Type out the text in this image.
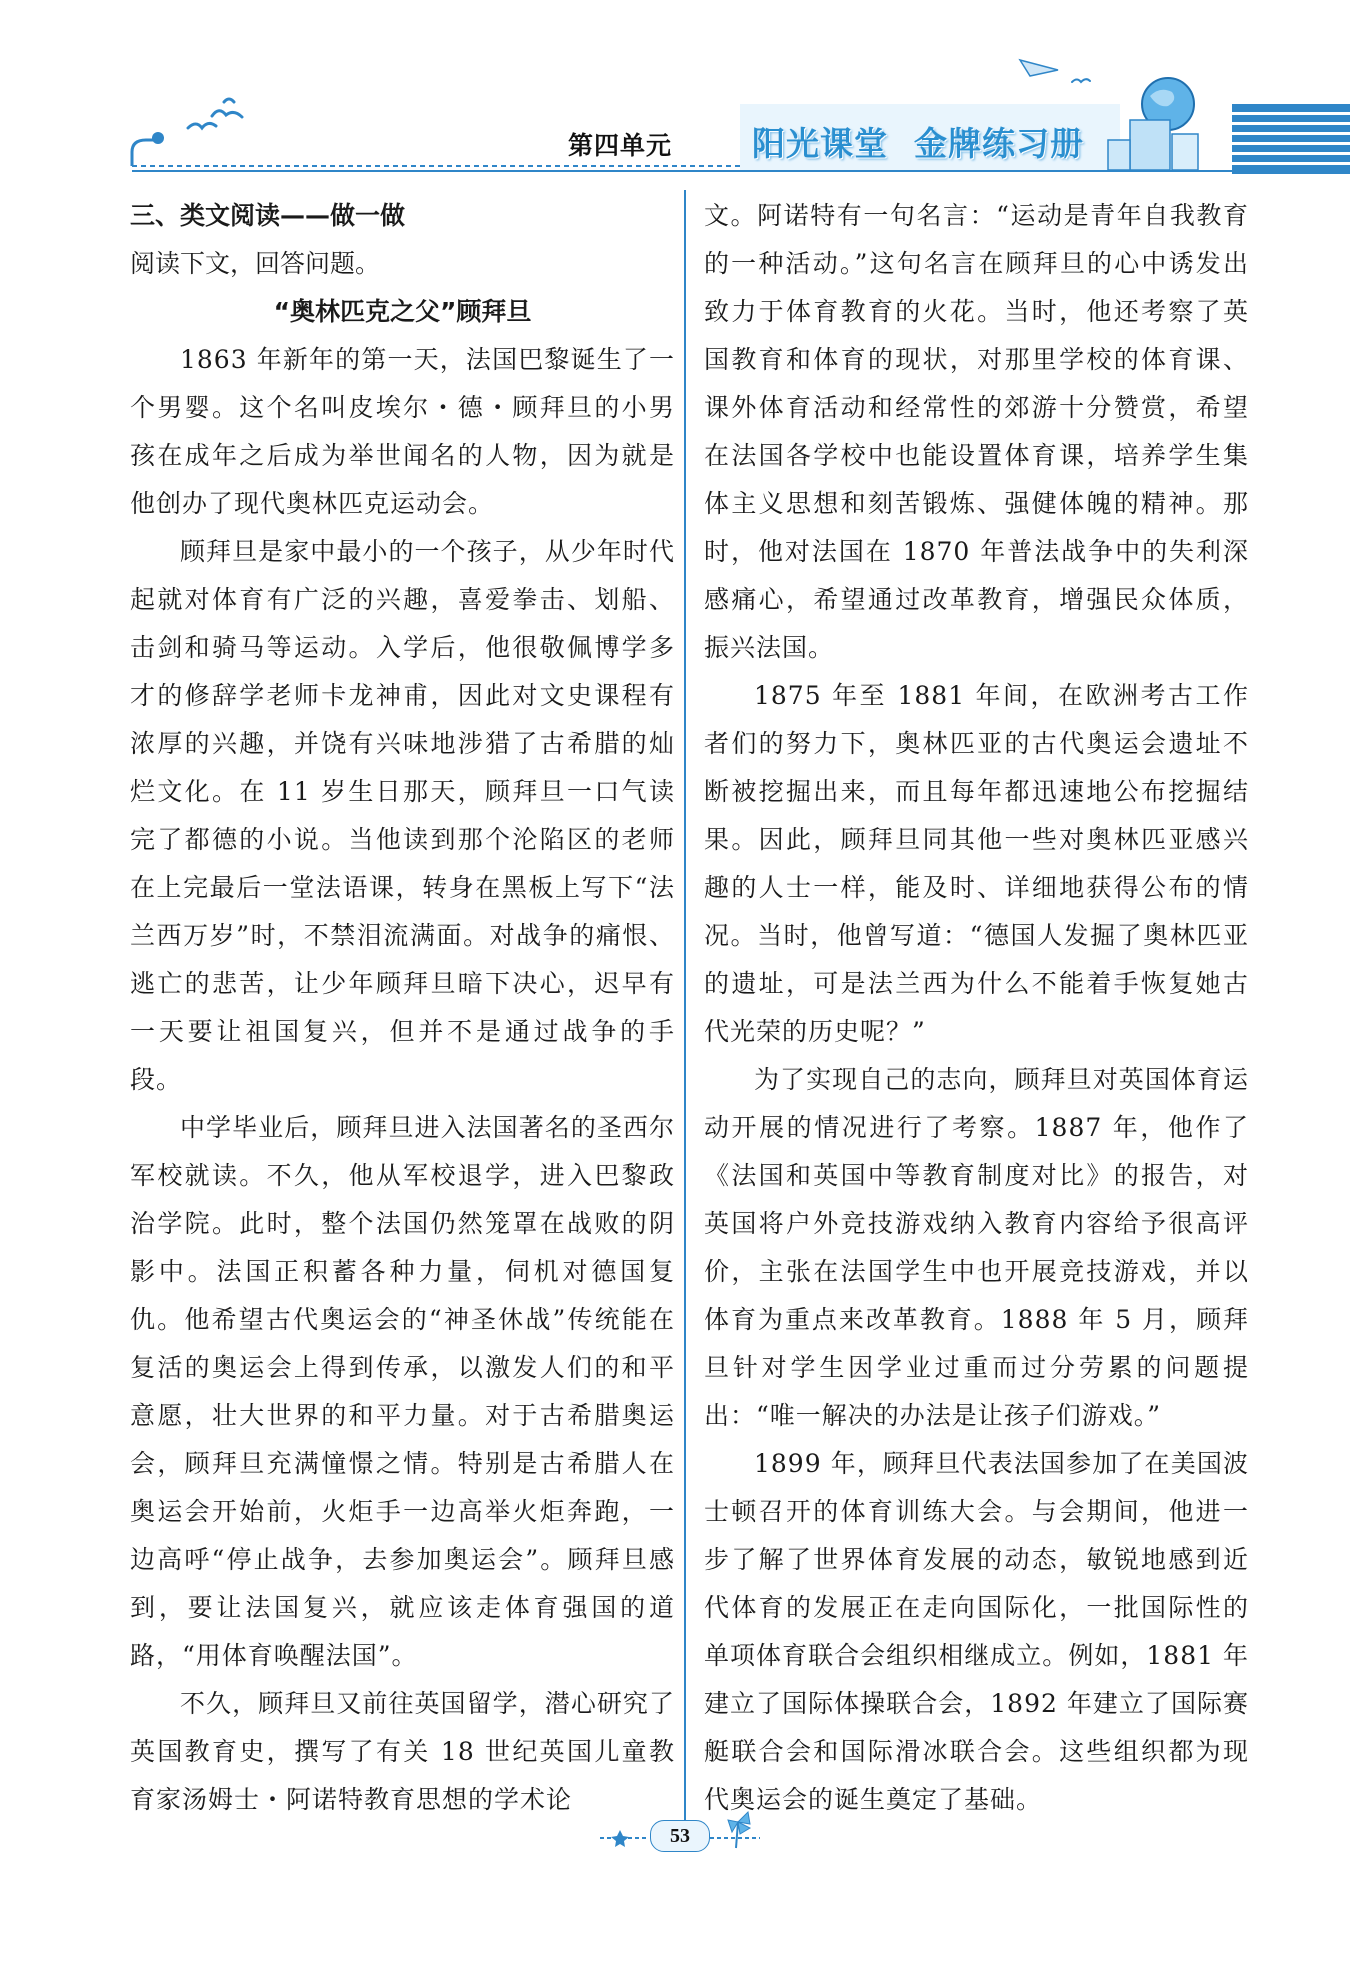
第四单元 阳光课堂 金牌练习册

三、类文阅读——做一做

阅读下文，回答问题。

“奥林匹克之父”顾拜旦

1863 年新年的第一天，法国巴黎诞生了一个男婴。这个名叫皮埃尔・德・顾拜旦的小男孩在成年之后成为举世闻名的人物，因为就是他创办了现代奥林匹克运动会。

顾拜旦是家中最小的一个孩子，从少年时代起就对体育有广泛的兴趣，喜爱拳击、划船、击剑和骑马等运动。入学后，他很敬佩博学多才的修辞学老师卡龙神甫，因此对文史课程有浓厚的兴趣，并饶有兴味地涉猎了古希腊的灿烂文化。在 11 岁生日那天，顾拜旦一口气读完了都德的小说。当他读到那个沦陷区的老师在上完最后一堂法语课，转身在黑板上写下“法兰西万岁”时，不禁泪流满面。对战争的痛恨、逃亡的悲苦，让少年顾拜旦暗下决心，迟早有一天要让祖国复兴，但并不是通过战争的手段。

中学毕业后，顾拜旦进入法国著名的圣西尔军校就读。不久，他从军校退学，进入巴黎政治学院。此时，整个法国仍然笼罩在战败的阴影中。法国正积蓄各种力量，伺机对德国复仇。他希望古代奥运会的“神圣休战”传统能在复活的奥运会上得到传承，以激发人们的和平意愿，壮大世界的和平力量。对于古希腊奥运会，顾拜旦充满憧憬之情。特别是古希腊人在奥运会开始前，火炬手一边高举火炬奔跑，一边高呼“停止战争，去参加奥运会”。顾拜旦感到，要让法国复兴，就应该走体育强国的道路，“用体育唤醒法国”。

不久，顾拜旦又前往英国留学，潜心研究了英国教育史，撰写了有关 18 世纪英国儿童教育家汤姆士・阿诺特教育思想的学术论

文。阿诺特有一句名言：“运动是青年自我教育的一种活动。”这句名言在顾拜旦的心中诱发出致力于体育教育的火花。当时，他还考察了英国教育和体育的现状，对那里学校的体育课、课外体育活动和经常性的郊游十分赞赏，希望在法国各学校中也能设置体育课，培养学生集体主义思想和刻苦锻炼、强健体魄的精神。那时，他对法国在 1870 年普法战争中的失利深感痛心，希望通过改革教育，增强民众体质，振兴法国。

1875 年至 1881 年间，在欧洲考古工作者们的努力下，奥林匹亚的古代奥运会遗址不断被挖掘出来，而且每年都迅速地公布挖掘结果。因此，顾拜旦同其他一些对奥林匹亚感兴趣的人士一样，能及时、详细地获得公布的情况。当时，他曾写道：“德国人发掘了奥林匹亚的遗址，可是法兰西为什么不能着手恢复她古代光荣的历史呢？”

为了实现自己的志向，顾拜旦对英国体育运动开展的情况进行了考察。1887 年，他作了《法国和英国中等教育制度对比》的报告，对英国将户外竞技游戏纳入教育内容给予很高评价，主张在法国学生中也开展竞技游戏，并以体育为重点来改革教育。1888 年 5 月，顾拜旦针对学生因学业过重而过分劳累的问题提出：“唯一解决的办法是让孩子们游戏。”

1899 年，顾拜旦代表法国参加了在美国波士顿召开的体育训练大会。与会期间，他进一步了解了世界体育发展的动态，敏锐地感到近代体育的发展正在走向国际化，一批国际性的单项体育联合会组织相继成立。例如，1881 年建立了国际体操联合会，1892 年建立了国际赛艇联合会和国际滑冰联合会。这些组织都为现代奥运会的诞生奠定了基础。

53
